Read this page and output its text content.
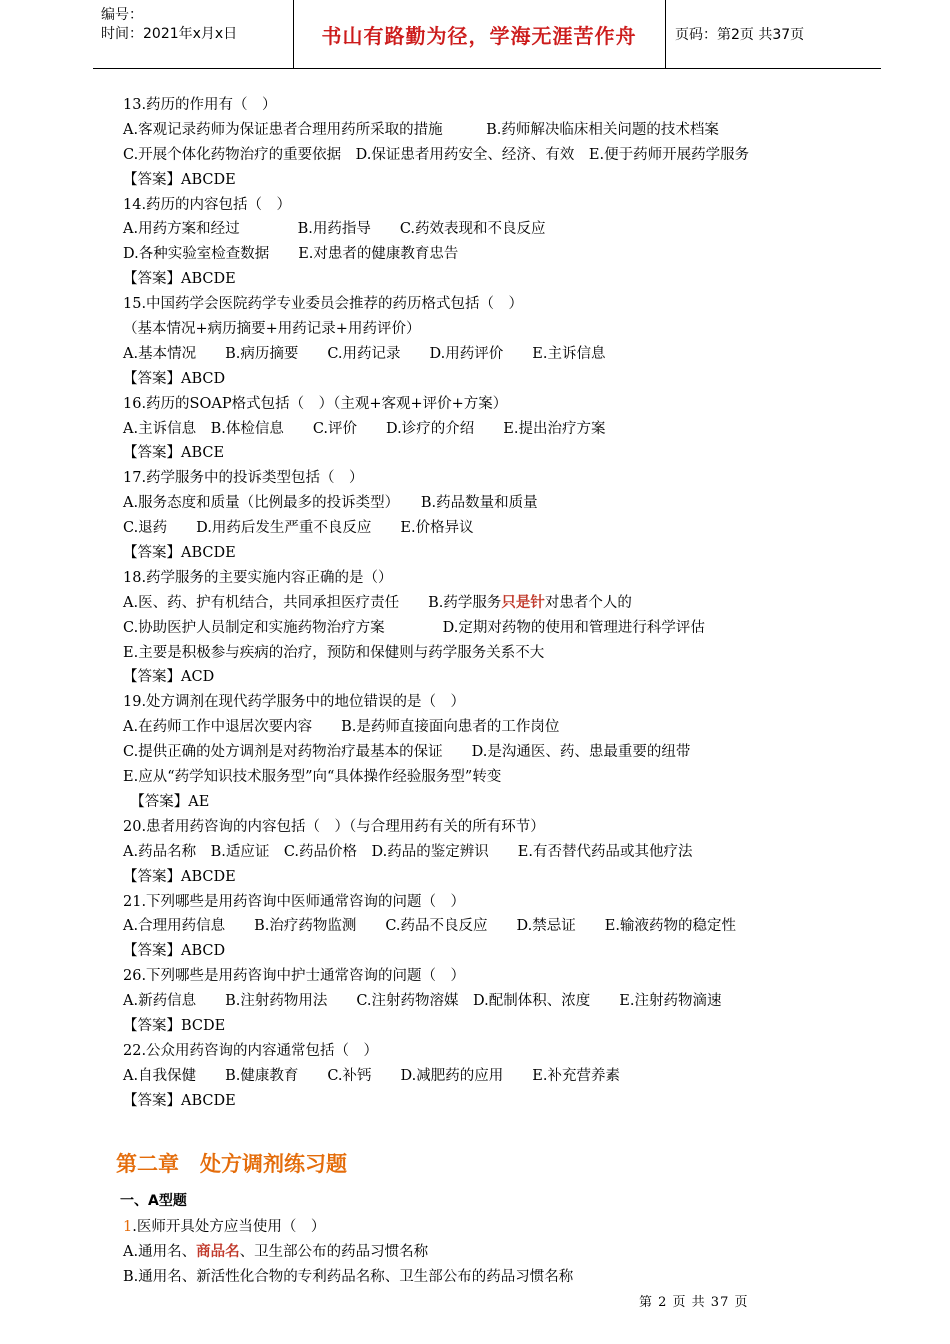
编号：
时间：2021年x月x日	书山有路勤为径，学海无涯苦作舟	页码：第2页 共37页
13.药历的作用有（　）
A.客观记录药师为保证患者合理用药所采取的措施　　　B.药师解决临床相关问题的技术档案
C.开展个体化药物治疗的重要依据　D.保证患者用药安全、经济、有效　E.便于药师开展药学服务
【答案】ABCDE
14.药历的内容包括（　）
A.用药方案和经过　　　　B.用药指导　　C.药效表现和不良反应
D.各种实验室检查数据　　E.对患者的健康教育忠告
【答案】ABCDE
15.中国药学会医院药学专业委员会推荐的药历格式包括（　）
（基本情况+病历摘要+用药记录+用药评价）
A.基本情况　　B.病历摘要　　C.用药记录　　D.用药评价　　E.主诉信息
【答案】ABCD
16.药历的SOAP格式包括（　）（主观+客观+评价+方案）
A.主诉信息　B.体检信息　　C.评价　　D.诊疗的介绍　　E.提出治疗方案
【答案】ABCE
17.药学服务中的投诉类型包括（　）
A.服务态度和质量（比例最多的投诉类型）　　B.药品数量和质量
C.退药　　D.用药后发生严重不良反应　　E.价格异议
【答案】ABCDE
18.药学服务的主要实施内容正确的是（）
A.医、药、护有机结合，共同承担医疗责任　　B.药学服务只是针对患者个人的
C.协助医护人员制定和实施药物治疗方案　　　　D.定期对药物的使用和管理进行科学评估
E.主要是积极参与疾病的治疗，预防和保健则与药学服务关系不大
【答案】ACD
19.处方调剂在现代药学服务中的地位错误的是（　）
A.在药师工作中退居次要内容　　B.是药师直接面向患者的工作岗位
C.提供正确的处方调剂是对药物治疗最基本的保证　　D.是沟通医、药、患最重要的纽带
E.应从“药学知识技术服务型”向“具体操作经验服务型”转变
　【答案】AE
20.患者用药咨询的内容包括（　）（与合理用药有关的所有环节）
A.药品名称　B.适应证　C.药品价格　D.药品的鉴定辨识　　E.有否替代药品或其他疗法
【答案】ABCDE
21.下列哪些是用药咨询中医师通常咨询的问题（　）
A.合理用药信息　　B.治疗药物监测　　C.药品不良反应　　D.禁忌证　　E.输液药物的稳定性
【答案】ABCD
26.下列哪些是用药咨询中护士通常咨询的问题（　）
A.新药信息　　B.注射药物用法　　C.注射药物溶媒　D.配制体积、浓度　　E.注射药物滴速
【答案】BCDE
22.公众用药咨询的内容通常包括（　）
A.自我保健　　B.健康教育　　C.补钙　　D.减肥药的应用　　E.补充营养素
【答案】ABCDE
第二章　处方调剂练习题
一、A型题
1.医师开具处方应当使用（　）
A.通用名、商品名、卫生部公布的药品习惯名称
B.通用名、新活性化合物的专利药品名称、卫生部公布的药品习惯名称
第 2 页 共 37 页
